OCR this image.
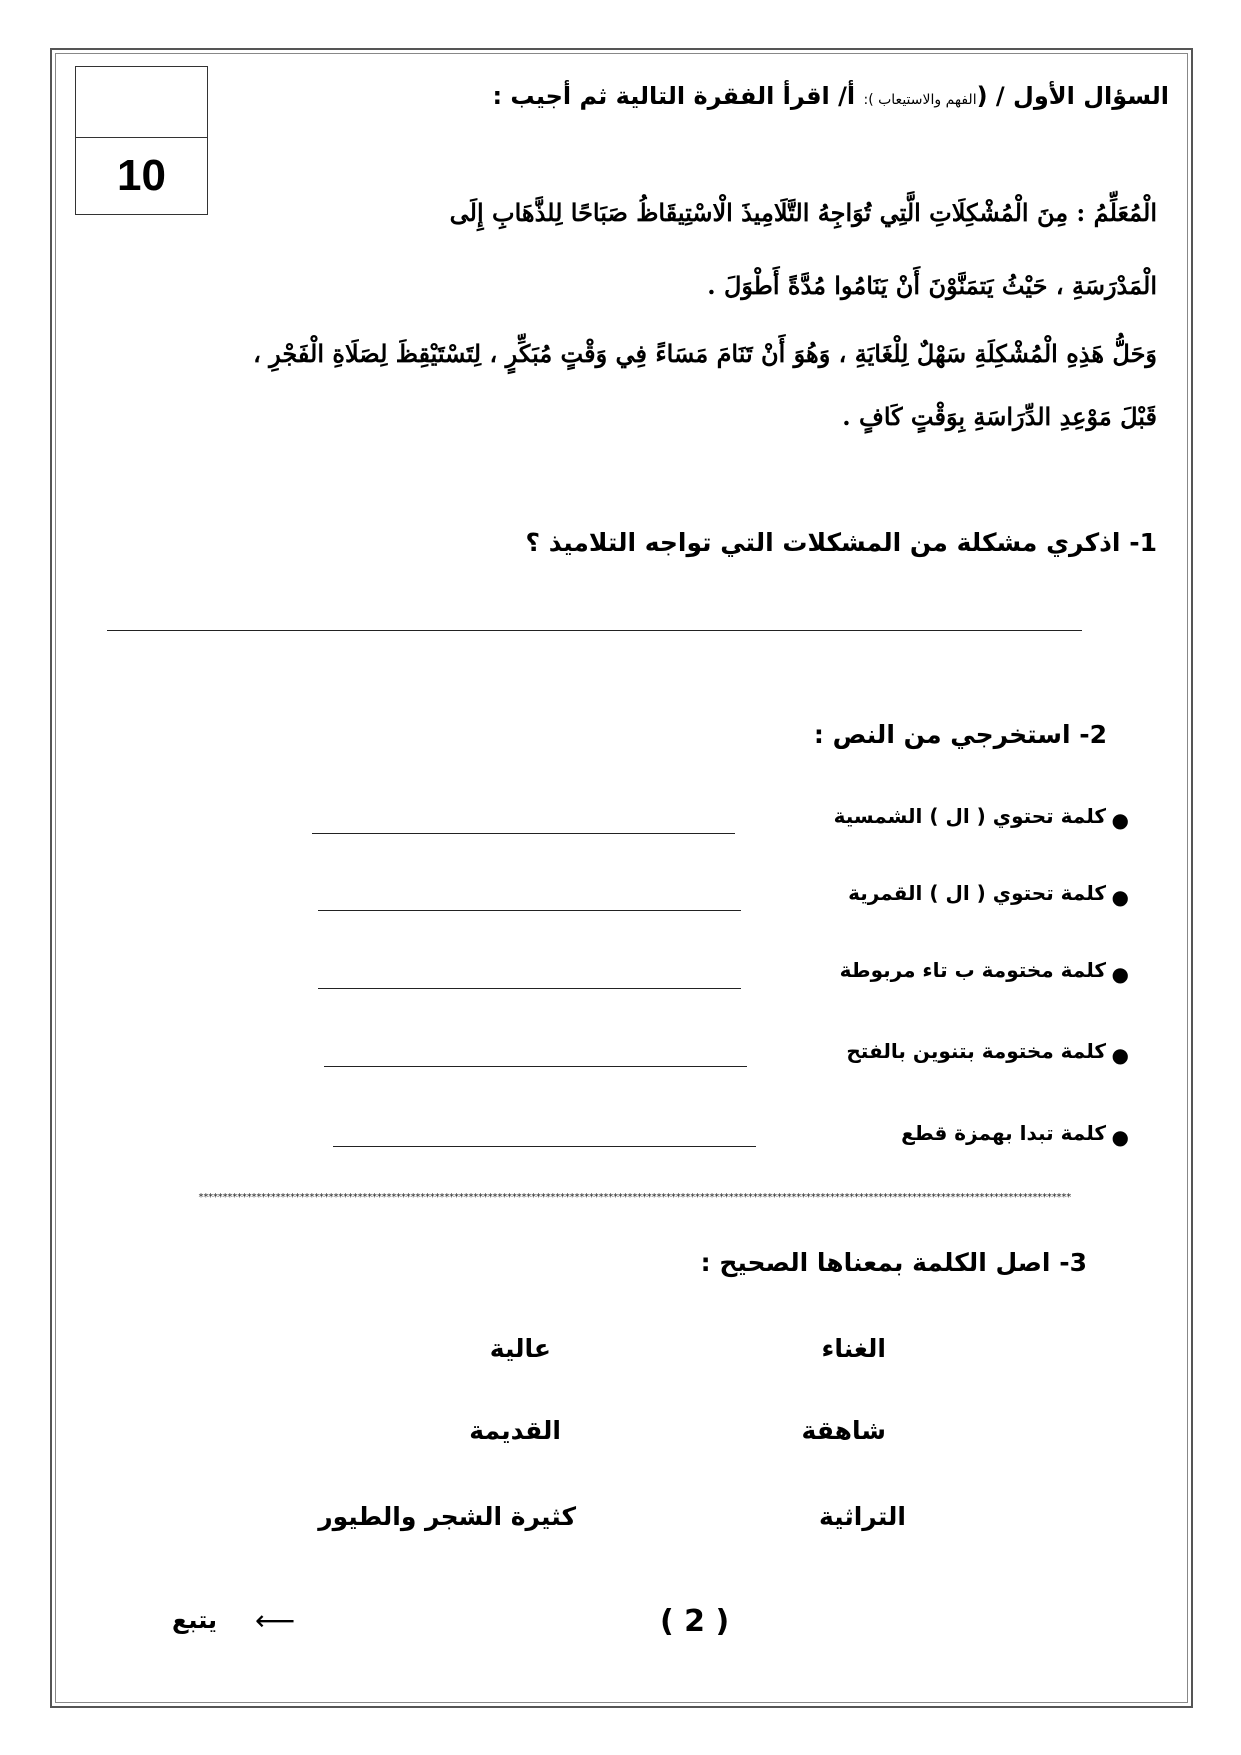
10
السؤال الأول / (الفهم والاستيعاب ): أ/ اقرأ الفقرة التالية ثم أجيب :
الْمُعَلِّمُ : مِنَ الْمُشْكِلَاتِ الَّتِي تُوَاجِهُ التَّلَامِيذَ الْاسْتِيقَاظُ صَبَاحًا لِلذَّهَابِ إِلَى
الْمَدْرَسَةِ ، حَيْثُ يَتمَنَّوْنَ أَنْ يَنَامُوا مُدَّةً أَطْوَلَ .
وَحَلُّ هَذِهِ الْمُشْكِلَةِ سَهْلٌ لِلْغَايَةِ ، وَهُوَ أَنْ تَنَامَ مَسَاءً فِي وَقْتٍ مُبَكِّرٍ ، لِتَسْتَيْقِظَ لِصَلَاةِ الْفَجْرِ ،
قَبْلَ مَوْعِدِ الدِّرَاسَةِ بِوَقْتٍ كَافٍ .
1- اذكري مشكلة من المشكلات التي تواجه التلاميذ ؟
2- استخرجي من النص :
●
كلمة تحتوي ( ال ) الشمسية
●
كلمة تحتوي ( ال ) القمرية
●
كلمة مختومة ب تاء مربوطة
●
كلمة مختومة بتنوين بالفتح
●
كلمة تبدا بهمزة قطع
*************************************************************************************************************************************************************************************
3- اصل الكلمة بمعناها الصحيح :
الغناء
شاهقة
التراثية
عالية
القديمة
كثيرة الشجر والطيور
( 2 )
⟵
يتبع
